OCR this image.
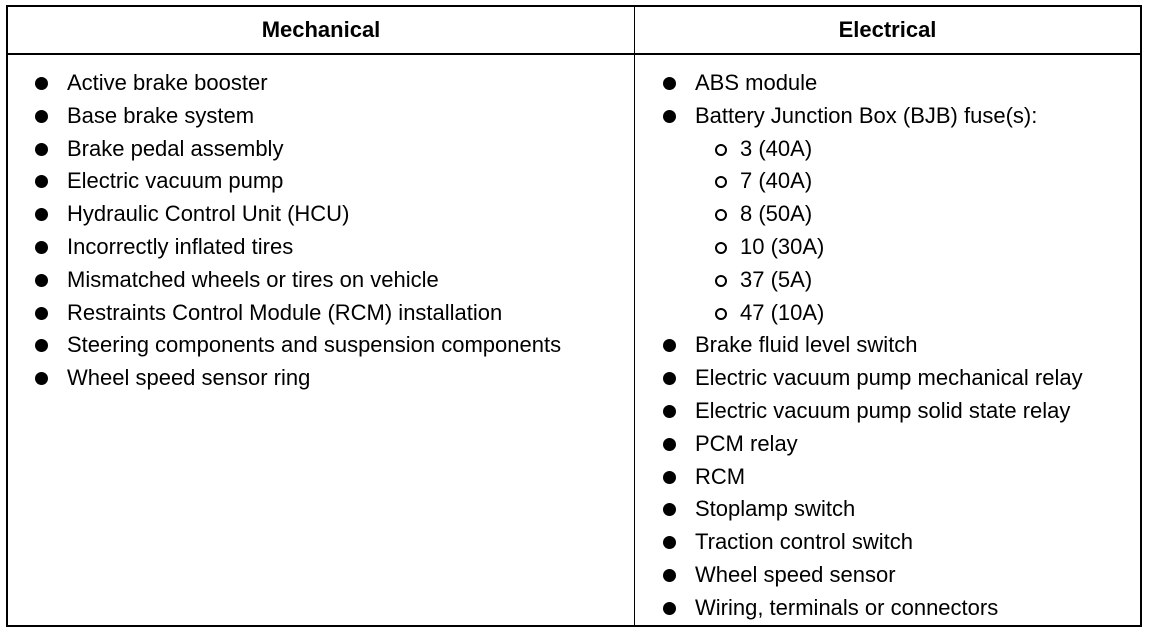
Mechanical	Electrical
Active brake booster
Base brake system
Brake pedal assembly
Electric vacuum pump
Hydraulic Control Unit (HCU)
Incorrectly inflated tires
Mismatched wheels or tires on vehicle
Restraints Control Module (RCM) installation
Steering components and suspension components
Wheel speed sensor ring
ABS module
Battery Junction Box (BJB) fuse(s):
3 (40A)
7 (40A)
8 (50A)
10 (30A)
37 (5A)
47 (10A)
Brake fluid level switch
Electric vacuum pump mechanical relay
Electric vacuum pump solid state relay
PCM relay
RCM
Stoplamp switch
Traction control switch
Wheel speed sensor
Wiring, terminals or connectors
